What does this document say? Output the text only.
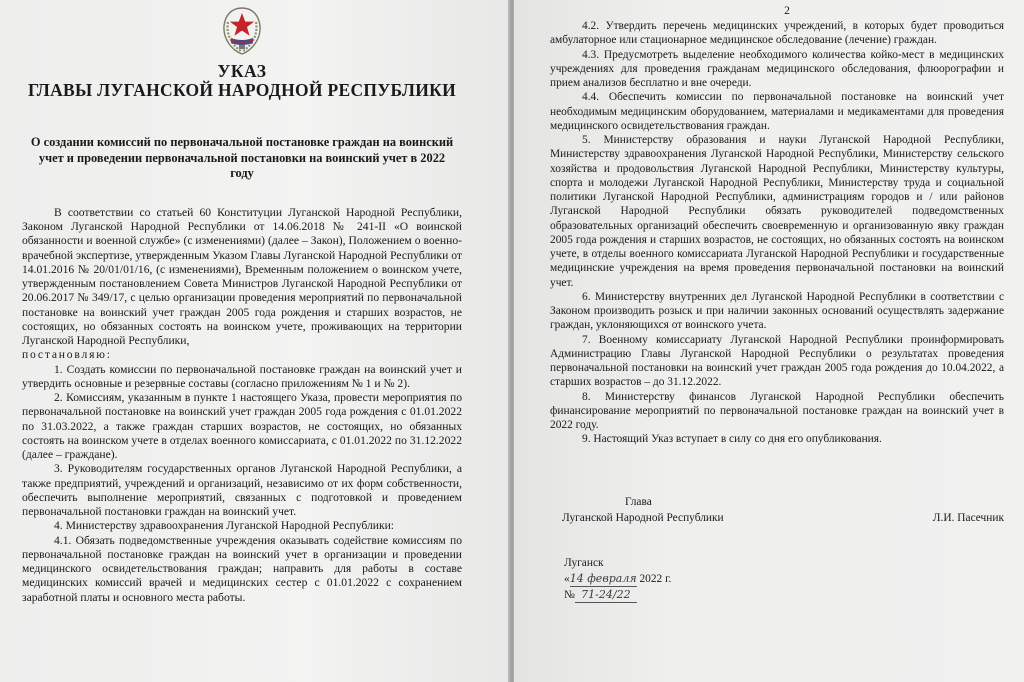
УКАЗ
ГЛАВЫ ЛУГАНСКОЙ НАРОДНОЙ РЕСПУБЛИКИ
О создании комиссий по первоначальной постановке граждан на воинский учет и проведении первоначальной постановки на воинский учет в 2022 году

В соответствии со статьей 60 Конституции Луганской Народной Республики, Законом Луганской Народной Республики от 14.06.2018 № 241-II «О воинской обязанности и военной службе» (с изменениями) (далее – Закон), Положением о военно-врачебной экспертизе, утвержденным Указом Главы Луганской Народной Республики от 14.01.2016 № 20/01/01/16, (с изменениями), Временным положением о воинском учете, утвержденным постановлением Совета Министров Луганской Народной Республики от 20.06.2017 № 349/17, с целью организации проведения мероприятий по первоначальной постановке на воинский учет граждан 2005 года рождения и старших возрастов, не состоящих, но обязанных состоять на воинском учете, проживающих на территории Луганской Народной Республики,

постановляю:

1. Создать комиссии по первоначальной постановке граждан на воинский учет и утвердить основные и резервные составы (согласно приложениям № 1 и № 2).

2. Комиссиям, указанным в пункте 1 настоящего Указа, провести мероприятия по первоначальной постановке на воинский учет граждан 2005 года рождения с 01.01.2022 по 31.03.2022, а также граждан старших возрастов, не состоящих, но обязанных состоять на воинском учете в отделах военного комиссариата, с 01.01.2022 по 31.12.2022 (далее – граждане).

3. Руководителям государственных органов Луганской Народной Республики, а также предприятий, учреждений и организаций, независимо от их форм собственности, обеспечить выполнение мероприятий, связанных с подготовкой и проведением первоначальной постановки граждан на воинский учет.

4. Министерству здравоохранения Луганской Народной Республики:

4.1. Обязать подведомственные учреждения оказывать содействие комиссиям по первоначальной постановке граждан на воинский учет в организации и проведении медицинского освидетельствования граждан; направить для работы в составе медицинских комиссий врачей и медицинских сестер с 01.01.2022 с сохранением заработной платы и основного места работы.

2

4.2. Утвердить перечень медицинских учреждений, в которых будет проводиться амбулаторное или стационарное медицинское обследование (лечение) граждан.

4.3. Предусмотреть выделение необходимого количества койко-мест в медицинских учреждениях для проведения гражданам медицинского обследования, флюорографии и прием анализов бесплатно и вне очереди.

4.4. Обеспечить комиссии по первоначальной постановке на воинский учет необходимым медицинским оборудованием, материалами и медикаментами для проведения медицинского освидетельствования граждан.

5. Министерству образования и науки Луганской Народной Республики, Министерству здравоохранения Луганской Народной Республики, Министерству сельского хозяйства и продовольствия Луганской Народной Республики, Министерству культуры, спорта и молодежи Луганской Народной Республики, Министерству труда и социальной политики Луганской Народной Республики, администрациям городов и / или районов Луганской Народной Республики обязать руководителей подведомственных образовательных организаций обеспечить своевременную и организованную явку граждан 2005 года рождения и старших возрастов, не состоящих, но обязанных состоять на воинском учете, в отделы военного комиссариата Луганской Народной Республики и государственные медицинские учреждения на время проведения первоначальной постановки на воинский учет.

6. Министерству внутренних дел Луганской Народной Республики в соответствии с Законом производить розыск и при наличии законных оснований осуществлять задержание граждан, уклоняющихся от воинского учета.

7. Военному комиссариату Луганской Народной Республики проинформировать Администрацию Главы Луганской Народной Республики о результатах проведения первоначальной постановки на воинский учет граждан 2005 года рождения до 10.04.2022, а старших возрастов – до 31.12.2022.

8. Министерству финансов Луганской Народной Республики обеспечить финансирование мероприятий по первоначальной постановке граждан на воинский учет в 2022 году.

9. Настоящий Указ вступает в силу со дня его опубликования.

Глава
Луганской Народной Республики	Л.И. Пасечник
Луганск
«14 февраля 2022 г.
№ 71-24/22
